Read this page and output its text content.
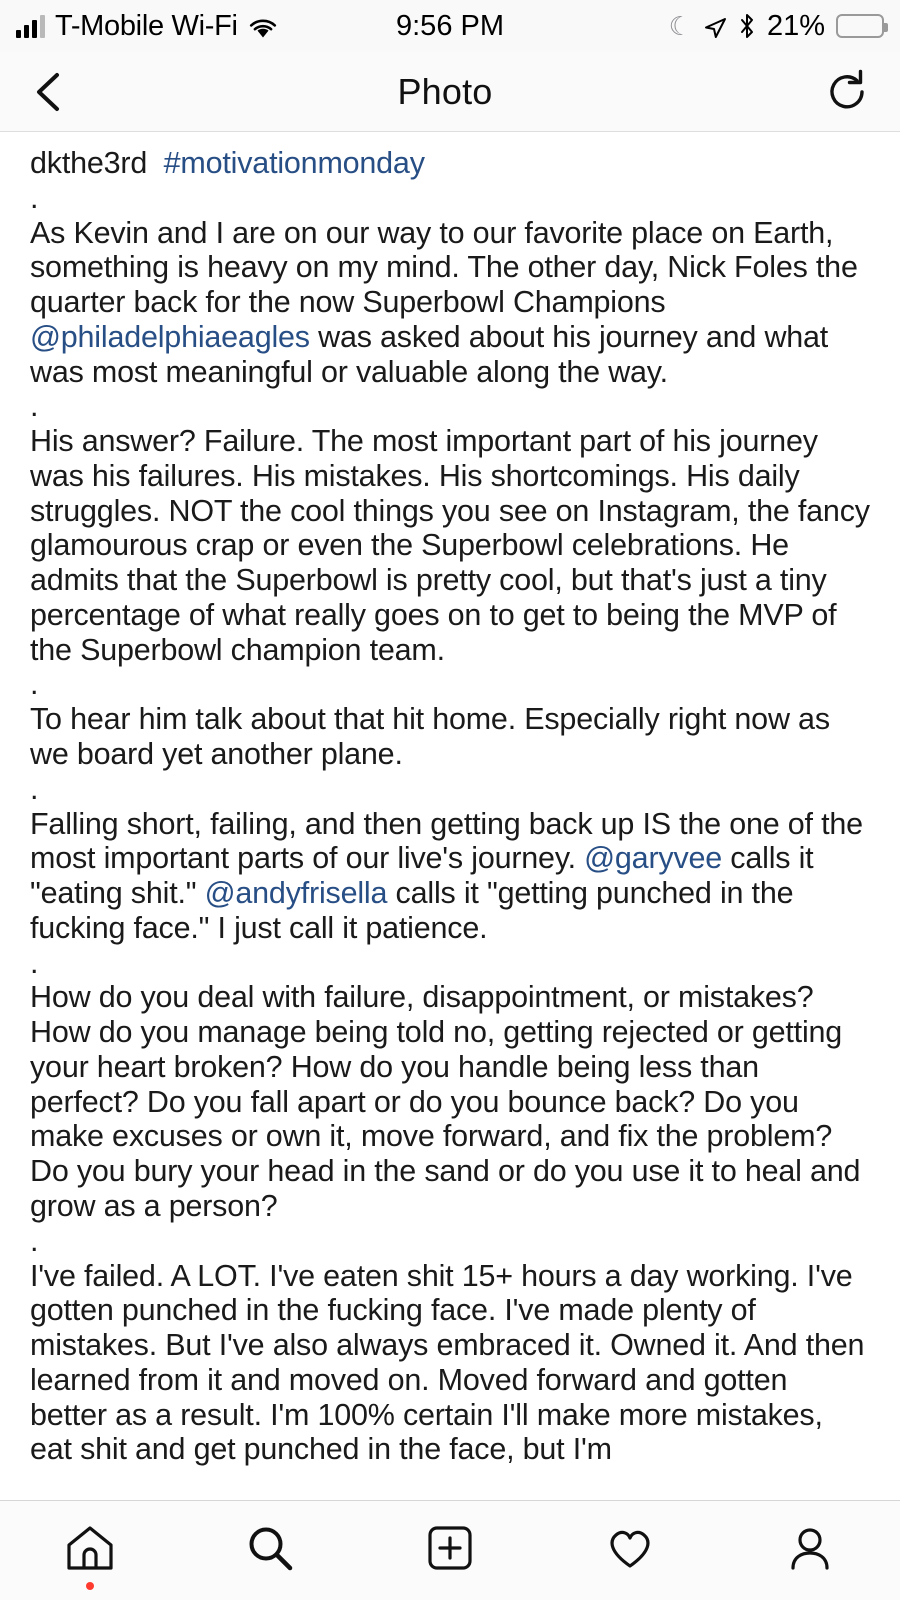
T-Mobile Wi-Fi	9:56 PM	☾	21%
Photo
dkthe3rd #motivationmonday
.
As Kevin and I are on our way to our favorite place on Earth, something is heavy on my mind. The other day, Nick Foles the quarter back for the now Superbowl Champions @philadelphiaeagles was asked about his journey and what was most meaningful or valuable along the way.
.
His answer? Failure. The most important part of his journey was his failures. His mistakes. His shortcomings. His daily struggles. NOT the cool things you see on Instagram, the fancy glamourous crap or even the Superbowl celebrations. He admits that the Superbowl is pretty cool, but that's just a tiny percentage of what really goes on to get to being the MVP of the Superbowl champion team.
.
To hear him talk about that hit home. Especially right now as we board yet another plane.
.
Falling short, failing, and then getting back up IS the one of the most important parts of our live's journey. @garyvee calls it "eating shit." @andyfrisella calls it "getting punched in the fucking face." I just call it patience.
.
How do you deal with failure, disappointment, or mistakes? How do you manage being told no, getting rejected or getting your heart broken? How do you handle being less than perfect? Do you fall apart or do you bounce back? Do you make excuses or own it, move forward, and fix the problem? Do you bury your head in the sand or do you use it to heal and grow as a person?
.
I've failed. A LOT. I've eaten shit 15+ hours a day working. I've gotten punched in the fucking face. I've made plenty of mistakes. But I've also always embraced it. Owned it. And then learned from it and moved on. Moved forward and gotten better as a result. I'm 100% certain I'll make more mistakes, eat shit and get punched in the face, but I'm
